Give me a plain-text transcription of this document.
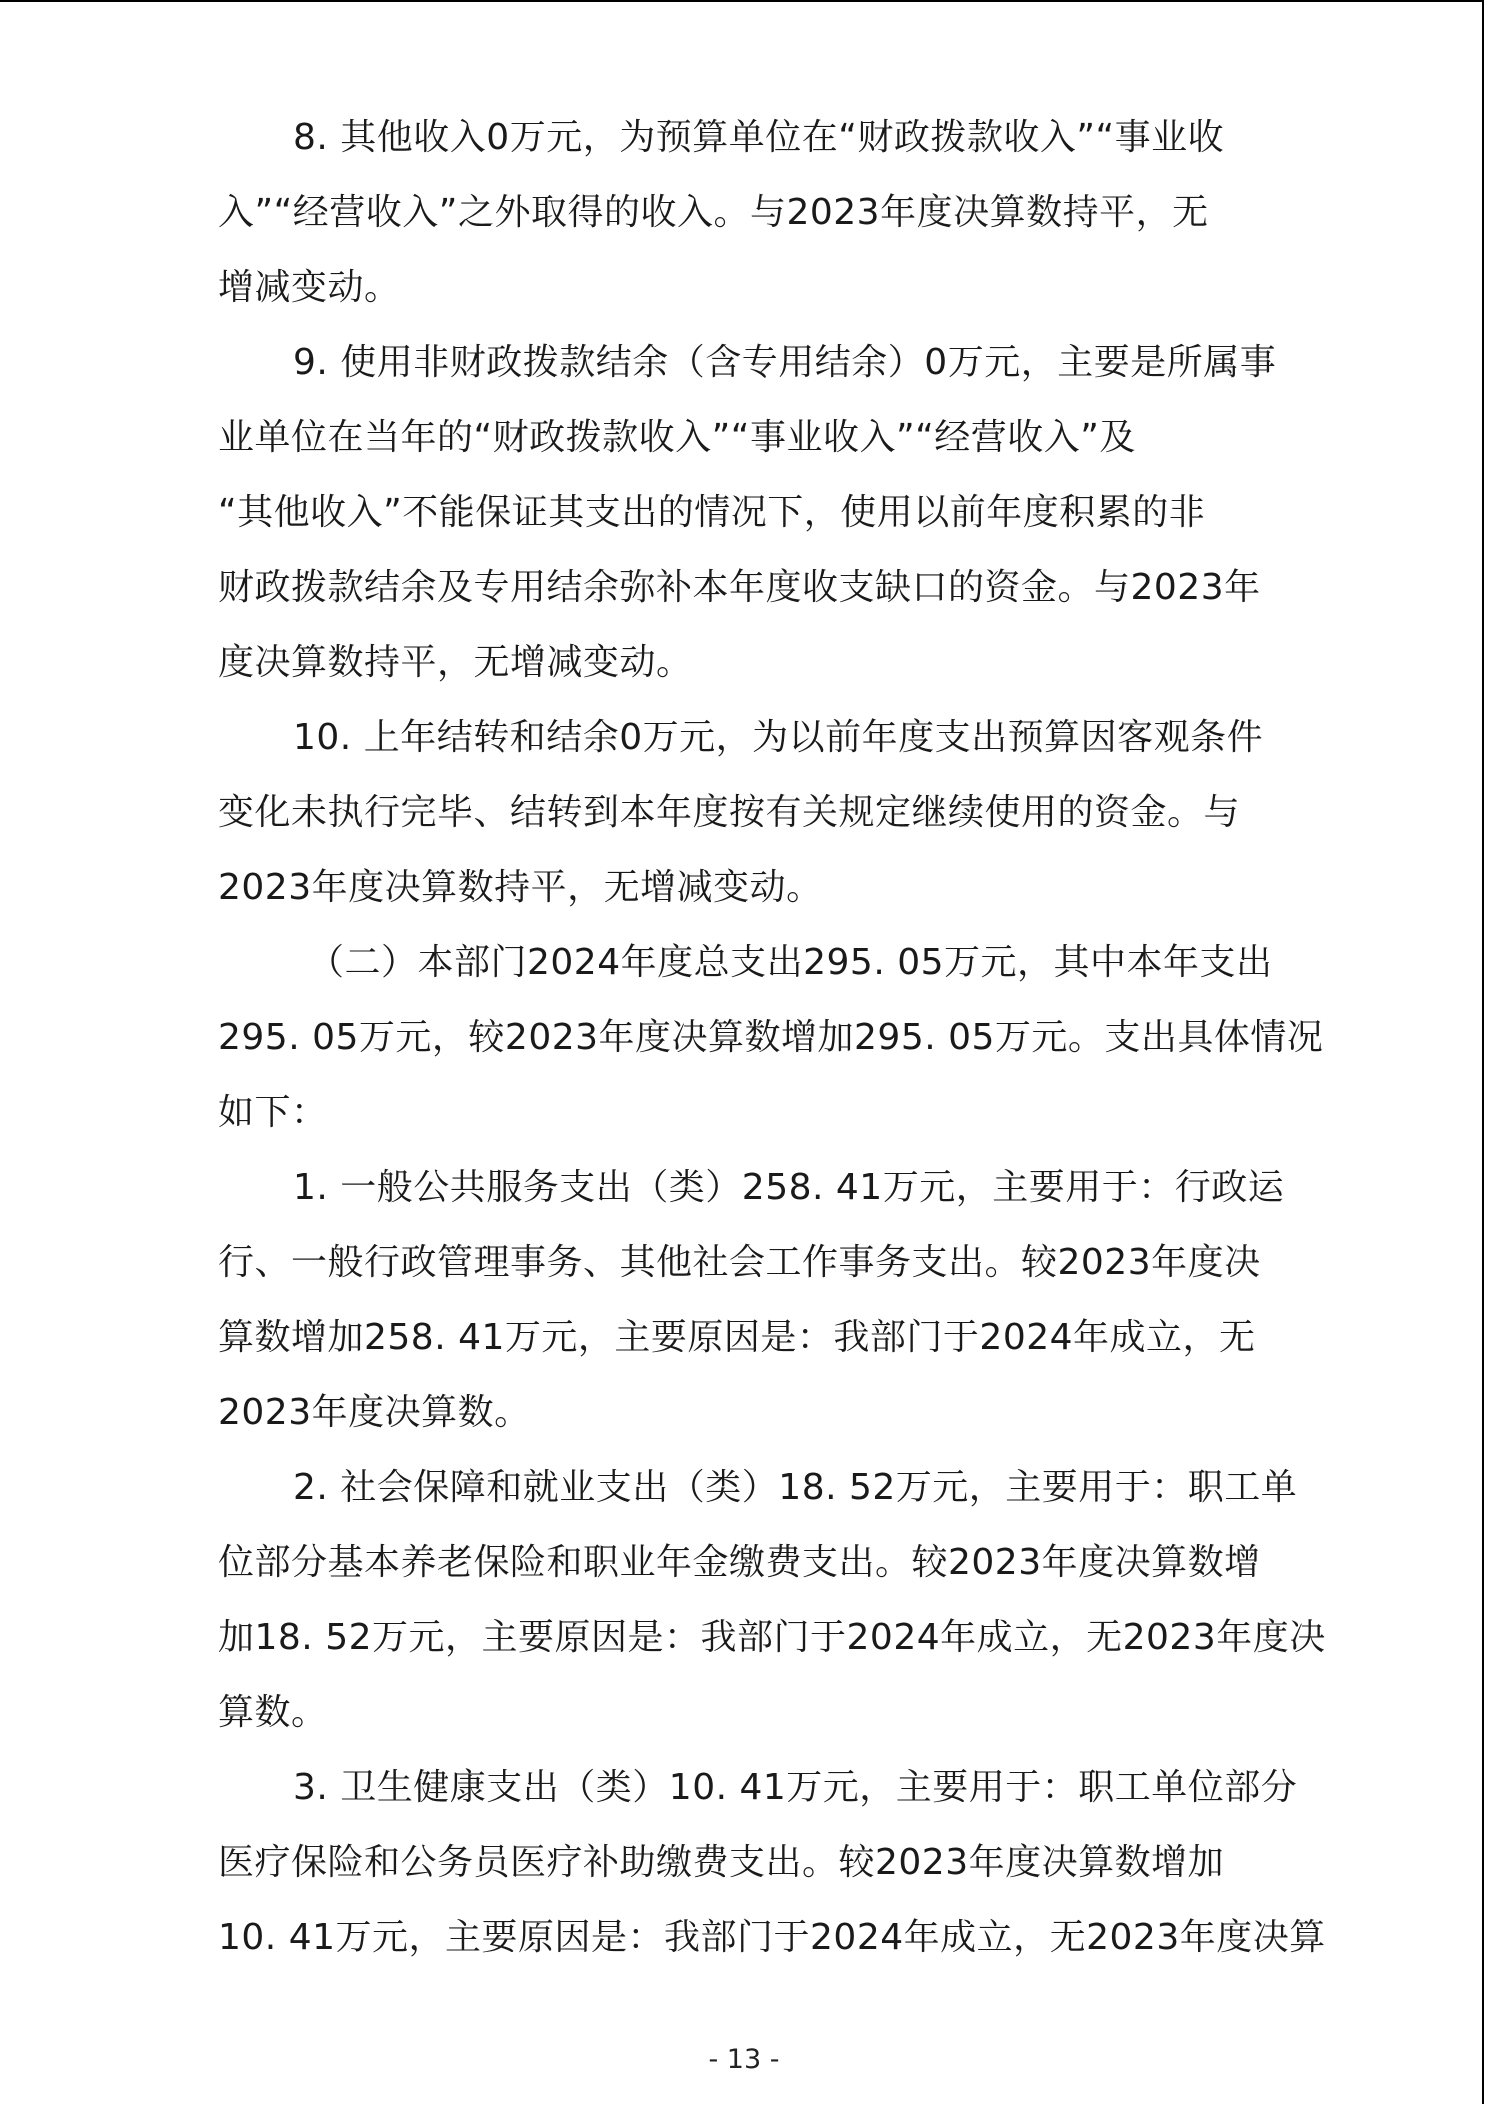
8. 其他收入0万元，为预算单位在“财政拨款收入”“事业收
入”“经营收入”之外取得的收入。与2023年度决算数持平，无
增减变动。
9. 使用非财政拨款结余（含专用结余）0万元，主要是所属事
业单位在当年的“财政拨款收入”“事业收入”“经营收入”及
“其他收入”不能保证其支出的情况下，使用以前年度积累的非
财政拨款结余及专用结余弥补本年度收支缺口的资金。与2023年
度决算数持平，无增减变动。
10. 上年结转和结余0万元，为以前年度支出预算因客观条件
变化未执行完毕、结转到本年度按有关规定继续使用的资金。与
2023年度决算数持平，无增减变动。
（二）本部门2024年度总支出295. 05万元，其中本年支出
295. 05万元，较2023年度决算数增加295. 05万元。支出具体情况
如下：
1. 一般公共服务支出（类）258. 41万元，主要用于：行政运
行、一般行政管理事务、其他社会工作事务支出。较2023年度决
算数增加258. 41万元，主要原因是：我部门于2024年成立，无
2023年度决算数。
2. 社会保障和就业支出（类）18. 52万元，主要用于：职工单
位部分基本养老保险和职业年金缴费支出。较2023年度决算数增
加18. 52万元，主要原因是：我部门于2024年成立，无2023年度决
算数。
3. 卫生健康支出（类）10. 41万元，主要用于：职工单位部分
医疗保险和公务员医疗补助缴费支出。较2023年度决算数增加
10. 41万元，主要原因是：我部门于2024年成立，无2023年度决算
- 13 -
